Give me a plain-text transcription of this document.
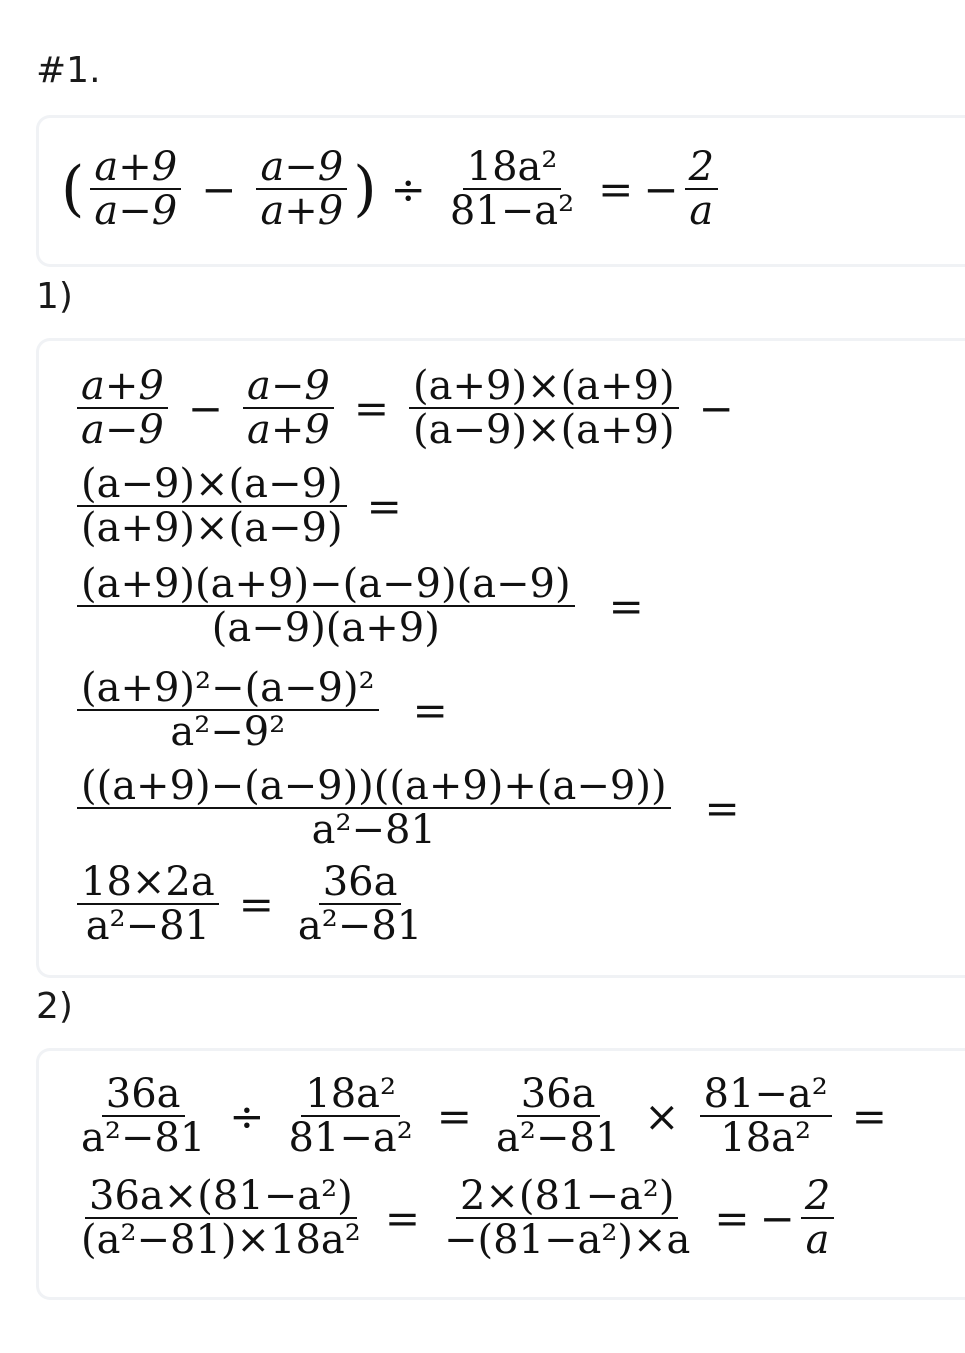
#1.
( $\frac{a+9}{a-9} - \frac{a-9}{a+9}$ ) ÷ $\frac{\text{18a²}}{\text{81−a²}}$ = − $\frac{2}{a}$
1)
$\frac{a+9}{a-9} - \frac{a-9}{a+9} = \frac{(a+9)\times(a+9)}{(a-9)\times(a+9)}$ −
$\frac{(a-9)\times(a-9)}{(a+9)\times(a-9)}$ =
$\frac{(a+9)(a+9)-(a-9)(a-9)}{(a-9)(a+9)}$ =
$\frac{\text{(a+9)²−(a−9)²}}{\text{a²−9²}}$ =
$\frac{((a+9)-(a-9))((a+9)+(a-9))}{\text{a²−81}}$ =
$\frac{18\times 2a}{\text{a²−81}} = \frac{36a}{\text{a²−81}}$
2)
$\frac{36a}{\text{a²−81}} \div \frac{\text{18a²}}{\text{81−a²}} = \frac{36a}{\text{a²−81}} \times \frac{\text{81−a²}}{\text{18a²}}$ =
$\frac{\text{36a×(81−a²)}}{\text{(a²−81)×18a²}} = \frac{\text{2×(81−a²)}}{\text{−(81−a²)×a}}$ = − $\frac{2}{a}$
